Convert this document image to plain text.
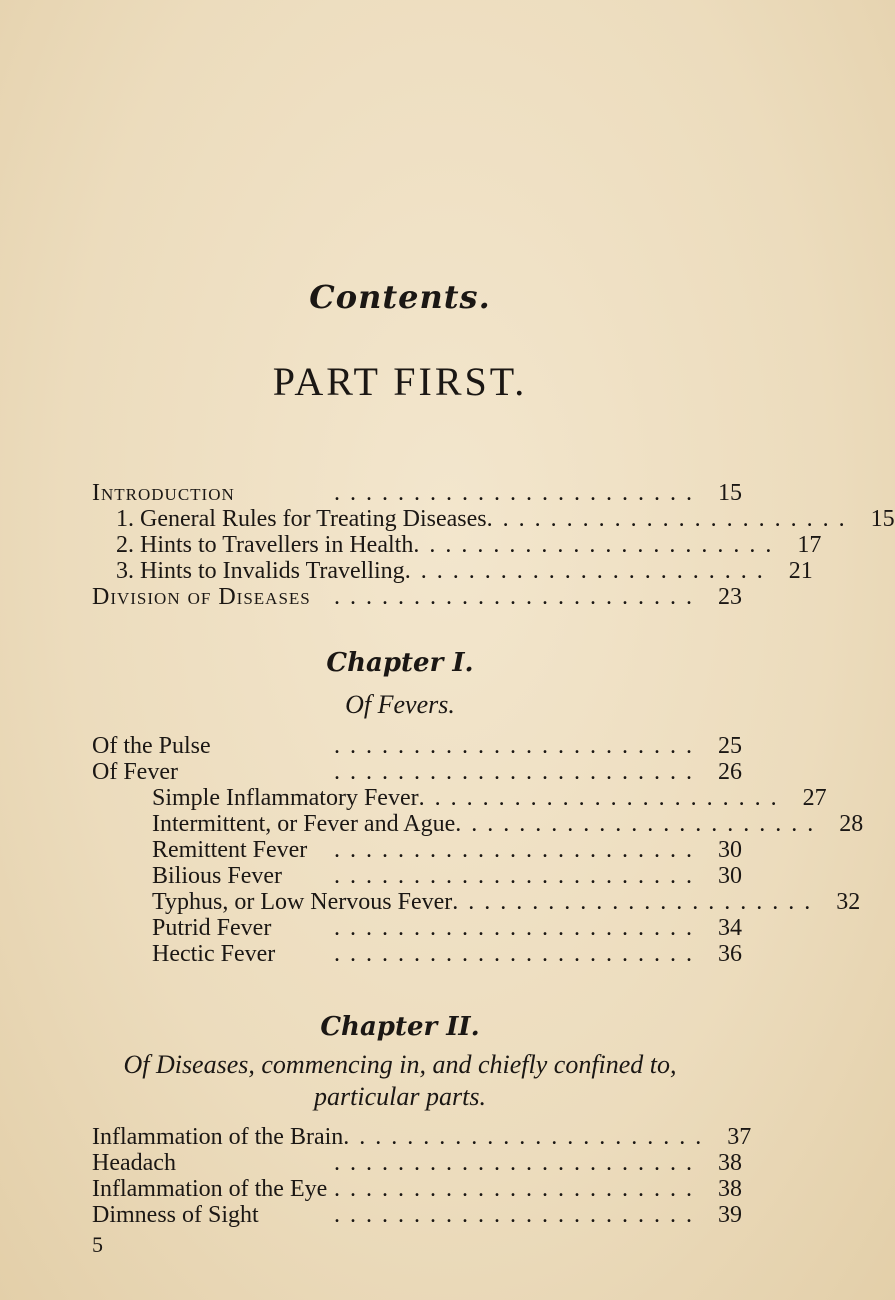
Contents.
PART FIRST.
Introduction	....................... 15
1. General Rules for Treating Diseases ....................... 15
2. Hints to Travellers in Health ....................... 17
3. Hints to Invalids Travelling ....................... 21
Division of Diseases ....................... 23
Chapter I.
Of Fevers.
Of the Pulse	....................... 25
Of Fever	....................... 26
Simple Inflammatory Fever ....................... 27
Intermittent, or Fever and Ague ....................... 28
Remittent Fever	....................... 30
Bilious Fever	....................... 30
Typhus, or Low Nervous Fever ....................... 32
Putrid Fever	....................... 34
Hectic Fever	....................... 36
Chapter II.
Of Diseases, commencing in, and chiefly confined to,
particular parts.
Inflammation of the Brain ....................... 37
Headach	....................... 38
Inflammation of the Eye ....................... 38
Dimness of Sight	....................... 39
5
